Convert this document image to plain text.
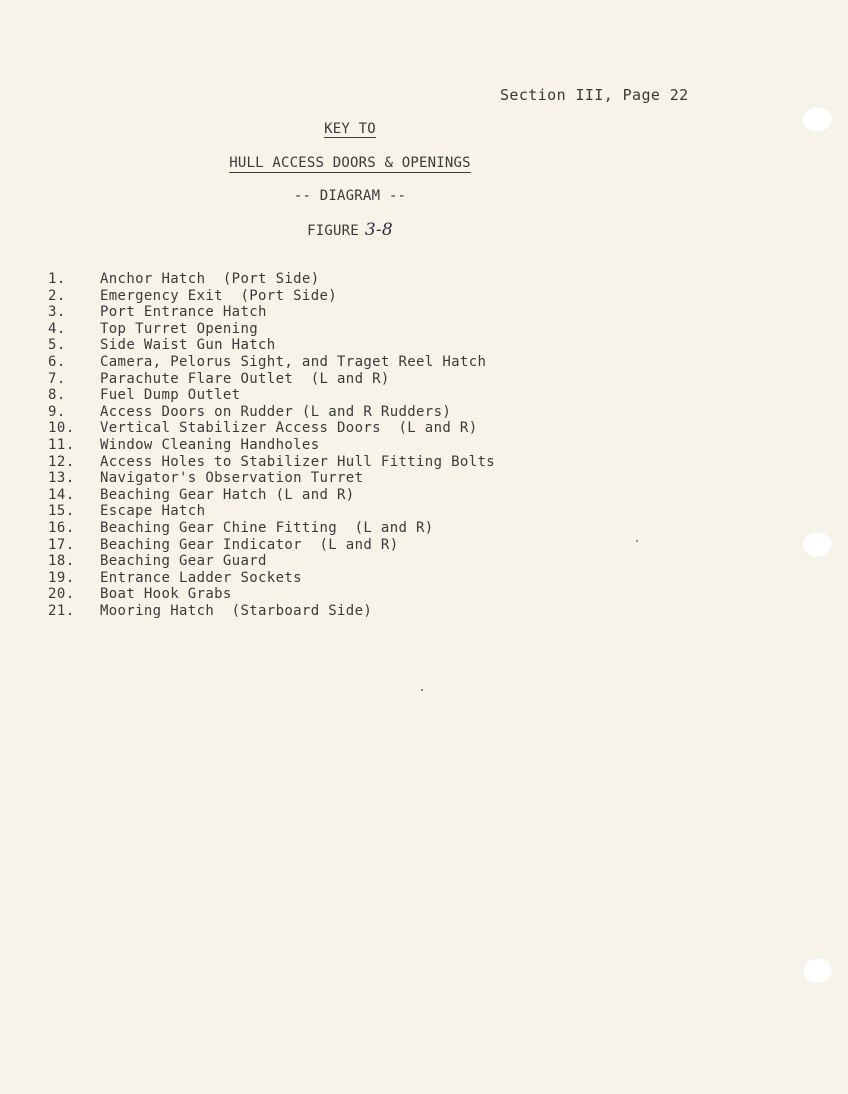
Section III, Page 22
KEY TO
HULL ACCESS DOORS & OPENINGS
-- DIAGRAM --
FIGURE 3-8
1.	Anchor Hatch  (Port Side)
2.	Emergency Exit  (Port Side)
3.	Port Entrance Hatch
4.	Top Turret Opening
5.	Side Waist Gun Hatch
6.	Camera, Pelorus Sight, and Traget Reel Hatch
7.	Parachute Flare Outlet  (L and R)
8.	Fuel Dump Outlet
9.	Access Doors on Rudder (L and R Rudders)
10.	Vertical Stabilizer Access Doors  (L and R)
11.	Window Cleaning Handholes
12.	Access Holes to Stabilizer Hull Fitting Bolts
13.	Navigator's Observation Turret
14.	Beaching Gear Hatch (L and R)
15.	Escape Hatch
16.	Beaching Gear Chine Fitting  (L and R)
17.	Beaching Gear Indicator  (L and R)
18.	Beaching Gear Guard
19.	Entrance Ladder Sockets
20.	Boat Hook Grabs
21.	Mooring Hatch  (Starboard Side)
